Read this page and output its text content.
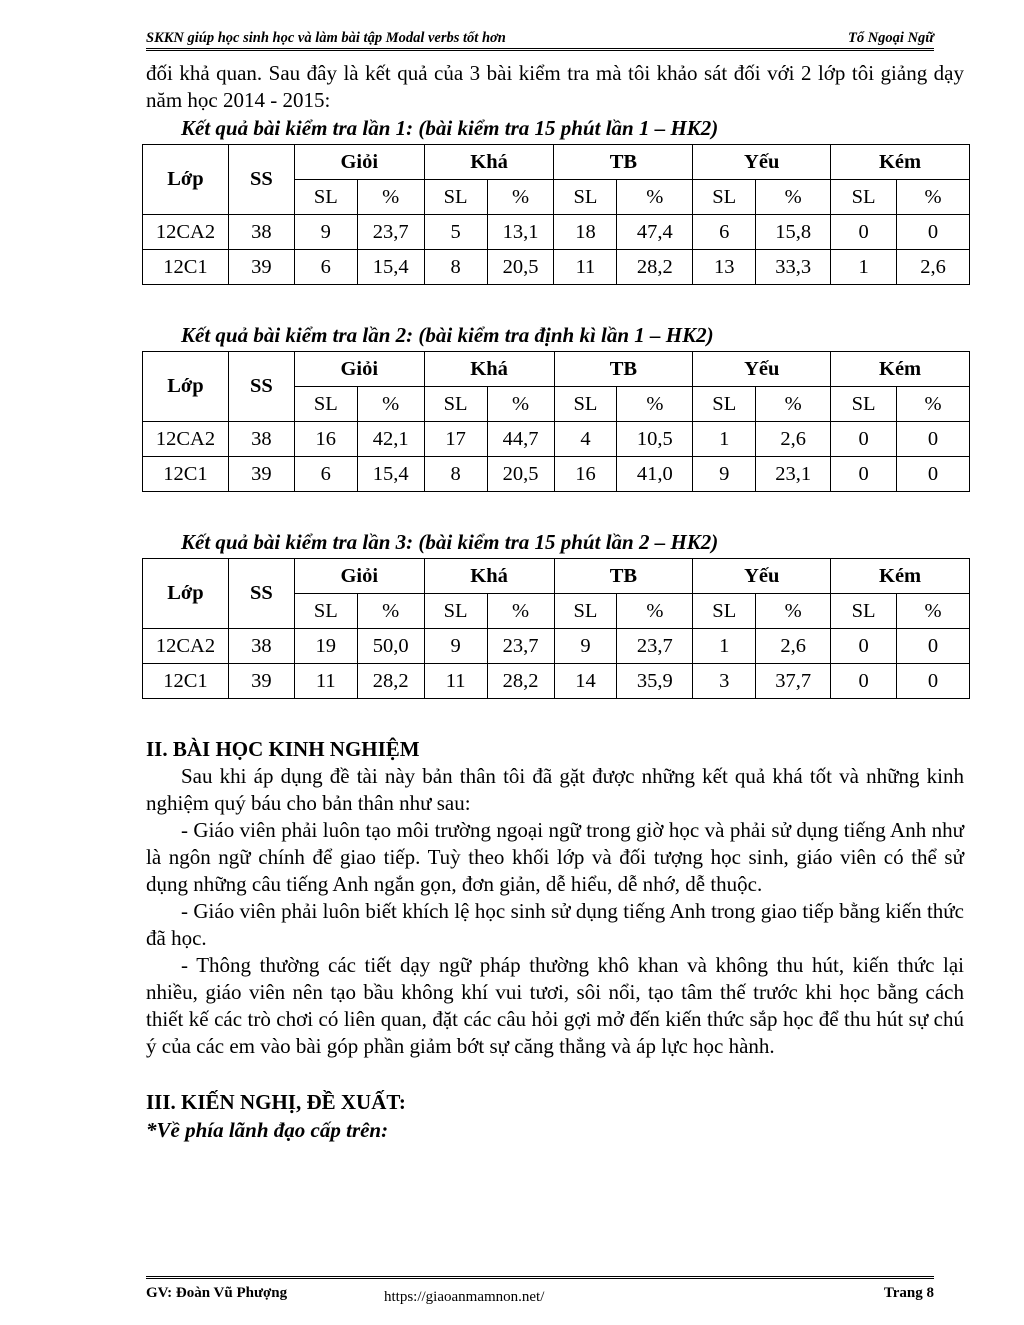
SKKN giúp học sinh học và làm bài tập Modal verbs tốt hơn	Tổ Ngoại Ngữ

đối khả quan. Sau đây là kết quả của 3 bài kiểm tra mà tôi khảo sát đối với 2 lớp tôi giảng dạy năm học 2014 - 2015:

Kết quả bài kiểm tra lần 1: (bài kiểm tra 15 phút lần 1 – HK2)

Lớp	SS	Giỏi		Khá		TB		Yếu		Kém	
		SL	%	SL	%	SL	%	SL	%	SL	%
12CA2	38	9	23,7	5	13,1	18	47,4	6	15,8	0	0
12C1	39	6	15,4	8	20,5	11	28,2	13	33,3	1	2,6

Kết quả bài kiểm tra lần 2: (bài kiểm tra định kì lần 1 – HK2)

Lớp	SS	Giỏi		Khá		TB		Yếu		Kém	
		SL	%	SL	%	SL	%	SL	%	SL	%
12CA2	38	16	42,1	17	44,7	4	10,5	1	2,6	0	0
12C1	39	6	15,4	8	20,5	16	41,0	9	23,1	0	0

Kết quả bài kiểm tra lần 3: (bài kiểm tra 15 phút lần 2 – HK2)

Lớp	SS	Giỏi		Khá		TB		Yếu		Kém	
		SL	%	SL	%	SL	%	SL	%	SL	%
12CA2	38	19	50,0	9	23,7	9	23,7	1	2,6	0	0
12C1	39	11	28,2	11	28,2	14	35,9	3	37,7	0	0

II. BÀI HỌC KINH NGHIỆM

Sau khi áp dụng đề tài này bản thân tôi đã gặt được những kết quả khá tốt và những kinh nghiệm quý báu cho bản thân như sau:

- Giáo viên phải luôn tạo môi trường ngoại ngữ trong giờ học và phải sử dụng tiếng Anh như là ngôn ngữ chính để giao tiếp. Tuỳ theo khối lớp và đối tượng học sinh, giáo viên có thể sử dụng những câu tiếng Anh ngắn gọn, đơn giản, dễ hiểu, dễ nhớ, dễ thuộc.

- Giáo viên phải luôn biết khích lệ học sinh sử dụng tiếng Anh trong giao tiếp bằng kiến thức đã học.

- Thông thường các tiết dạy ngữ pháp thường khô khan và không thu hút, kiến thức lại nhiều, giáo viên nên tạo bầu không khí vui tươi, sôi nổi, tạo tâm thế trước khi học bằng cách thiết kế các trò chơi có liên quan, đặt các câu hỏi gợi mở đến kiến thức sắp học để thu hút sự chú ý của các em vào bài góp phần giảm bớt sự căng thẳng và áp lực học hành.

III. KIẾN NGHỊ, ĐỀ XUẤT:

*Về phía lãnh đạo cấp trên:

GV: Đoàn Vũ Phượng	https://giaoanmamnon.net/	Trang 8
